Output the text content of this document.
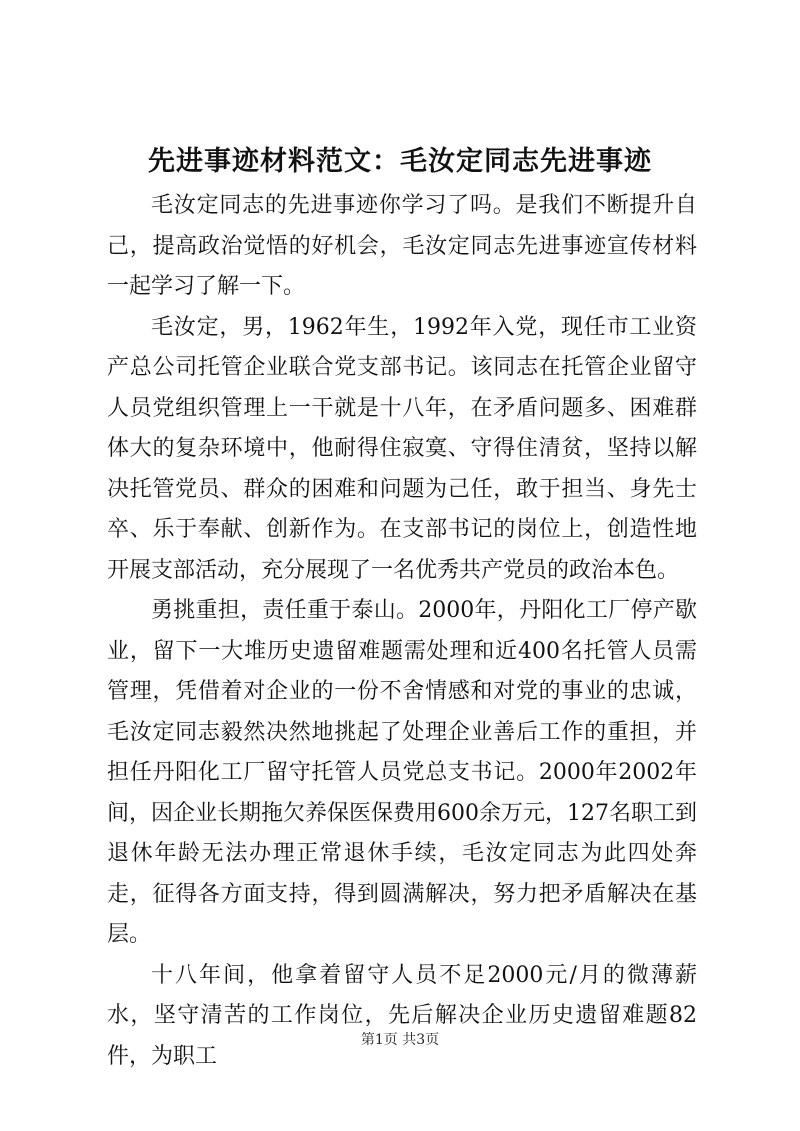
先进事迹材料范文：毛汝定同志先进事迹

毛汝定同志的先进事迹你学习了吗。是我们不断提升自己，提高政治觉悟的好机会，毛汝定同志先进事迹宣传材料一起学习了解一下。

毛汝定，男，1962年生，1992年入党，现任市工业资产总公司托管企业联合党支部书记。该同志在托管企业留守人员党组织管理上一干就是十八年，在矛盾问题多、困难群体大的复杂环境中，他耐得住寂寞、守得住清贫，坚持以解决托管党员、群众的困难和问题为己任，敢于担当、身先士卒、乐于奉献、创新作为。在支部书记的岗位上，创造性地开展支部活动，充分展现了一名优秀共产党员的政治本色。

勇挑重担，责任重于泰山。2000年，丹阳化工厂停产歇业，留下一大堆历史遗留难题需处理和近400名托管人员需管理，凭借着对企业的一份不舍情感和对党的事业的忠诚，毛汝定同志毅然决然地挑起了处理企业善后工作的重担，并担任丹阳化工厂留守托管人员党总支书记。2000年2002年间，因企业长期拖欠养保医保费用600余万元，127名职工到退休年龄无法办理正常退休手续，毛汝定同志为此四处奔走，征得各方面支持，得到圆满解决，努力把矛盾解决在基层。

十八年间，他拿着留守人员不足2000元/月的微薄薪水，坚守清苦的工作岗位，先后解决企业历史遗留难题82件，为职工

第1页 共3页
